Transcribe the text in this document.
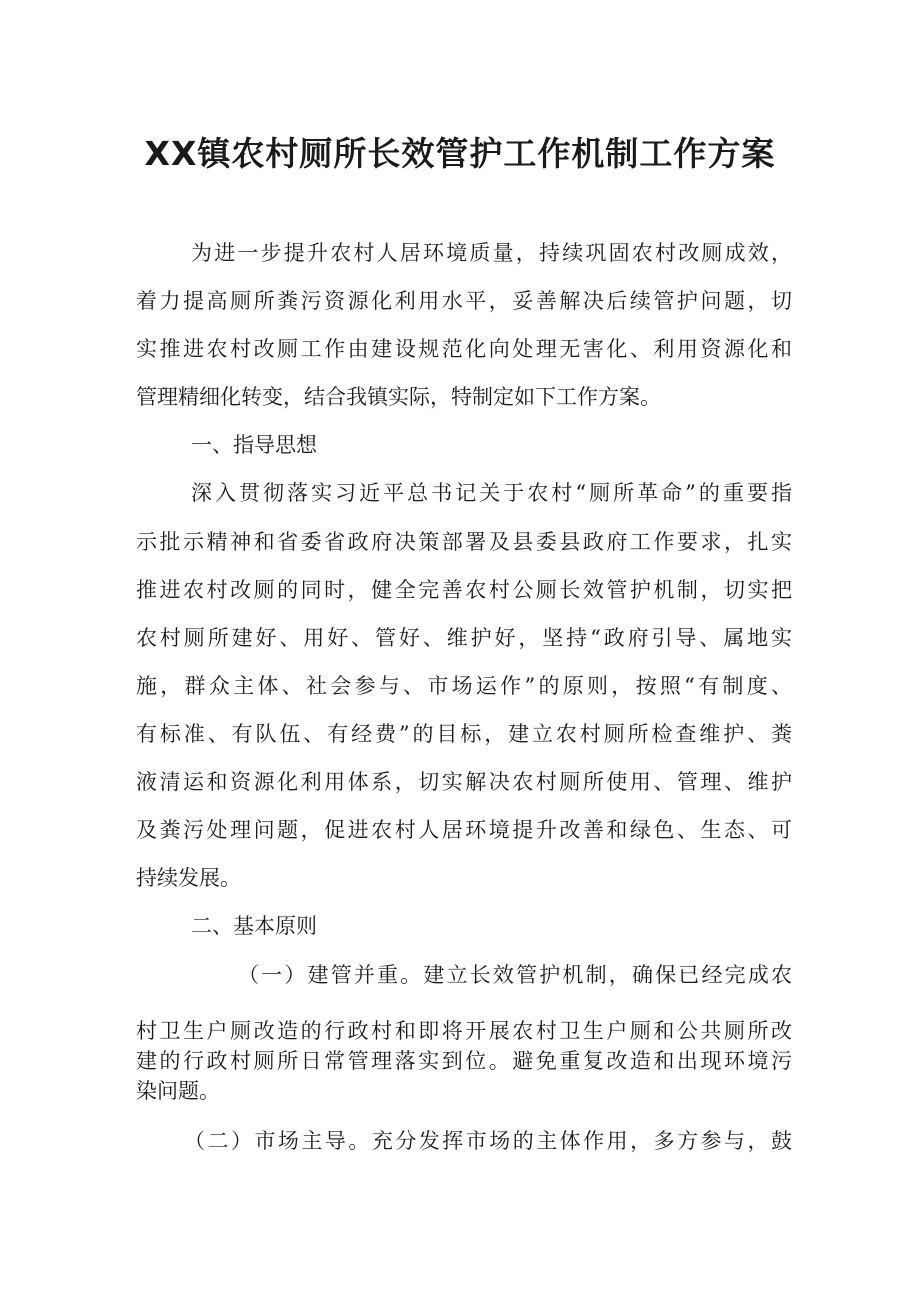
XX镇农村厕所长效管护工作机制工作方案

为进一步提升农村人居环境质量，持续巩固农村改厕成效，

着力提高厕所粪污资源化利用水平，妥善解决后续管护问题，切

实推进农村改厕工作由建设规范化向处理无害化、利用资源化和

管理精细化转变，结合我镇实际，特制定如下工作方案。

一、指导思想

深入贯彻落实习近平总书记关于农村“厕所革命”的重要指

示批示精神和省委省政府决策部署及县委县政府工作要求，扎实

推进农村改厕的同时，健全完善农村公厕长效管护机制，切实把

农村厕所建好、用好、管好、维护好，坚持“政府引导、属地实

施，群众主体、社会参与、市场运作”的原则，按照“有制度、

有标准、有队伍、有经费”的目标，建立农村厕所检查维护、粪

液清运和资源化利用体系，切实解决农村厕所使用、管理、维护

及粪污处理问题，促进农村人居环境提升改善和绿色、生态、可

持续发展。

二、基本原则

（一）建管并重。建立长效管护机制，确保已经完成农

村卫生户厕改造的行政村和即将开展农村卫生户厕和公共厕所改

建的行政村厕所日常管理落实到位。避免重复改造和出现环境污

染问题。

（二）市场主导。充分发挥市场的主体作用，多方参与，鼓
